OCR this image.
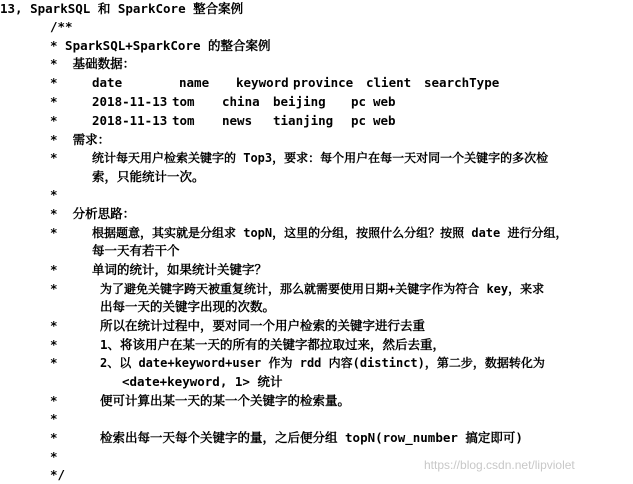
13, SparkSQL 和 SparkCore 整合案例
/**
* SparkSQL+SparkCore 的整合案例
*  基础数据：
*	date	name keyword province client searchType
*	2018-11-13 tom china beijing pc web
*	2018-11-13 tom news tianjing pc web
*  需求：
*	统计每天用户检索关键字的 Top3，要求：每个用户在每一天对同一个关键字的多次检
索，只能统计一次。
*
*  分析思路：
*	根据题意，其实就是分组求 topN，这里的分组，按照什么分组？按照 date 进行分组，
每一天有若干个
*	单词的统计，如果统计关键字？
*	为了避免关键字跨天被重复统计，那么就需要使用日期+关键字作为符合 key，来求
出每一天的关键字出现的次数。
*	所以在统计过程中，要对同一个用户检索的关键字进行去重
*	1、将该用户在某一天的所有的关键字都拉取过来，然后去重，
*	2、以 date+keyword+user 作为 rdd 内容(distinct)，第二步，数据转化为
<date+keyword, 1> 统计
*	便可计算出某一天的某一个关键字的检索量。
*
*	检索出每一天每个关键字的量，之后便分组 topN(row_number 搞定即可)
*
*/
https://blog.csdn.net/lipviolet
